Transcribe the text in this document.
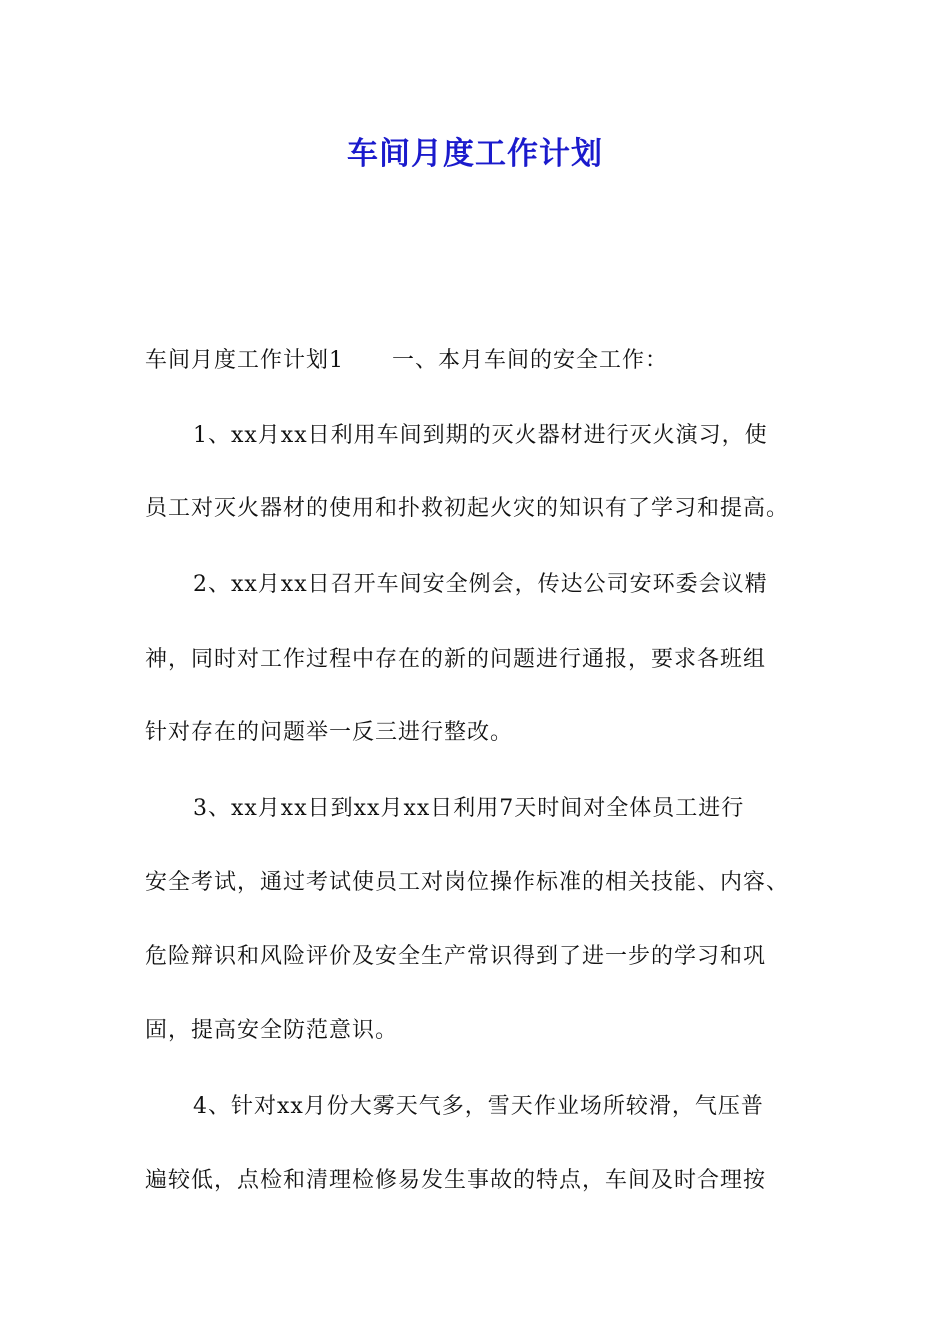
车间月度工作计划
车间月度工作计划1 一、本月车间的安全工作：
1、xx月xx日利用车间到期的灭火器材进行灭火演习，使
员工对灭火器材的使用和扑救初起火灾的知识有了学习和提高。
2、xx月xx日召开车间安全例会，传达公司安环委会议精
神，同时对工作过程中存在的新的问题进行通报，要求各班组
针对存在的问题举一反三进行整改。
3、xx月xx日到xx月xx日利用7天时间对全体员工进行
安全考试，通过考试使员工对岗位操作标准的相关技能、内容、
危险辩识和风险评价及安全生产常识得到了进一步的学习和巩
固，提高安全防范意识。
4、针对xx月份大雾天气多，雪天作业场所较滑，气压普
遍较低，点检和清理检修易发生事故的特点，车间及时合理按
